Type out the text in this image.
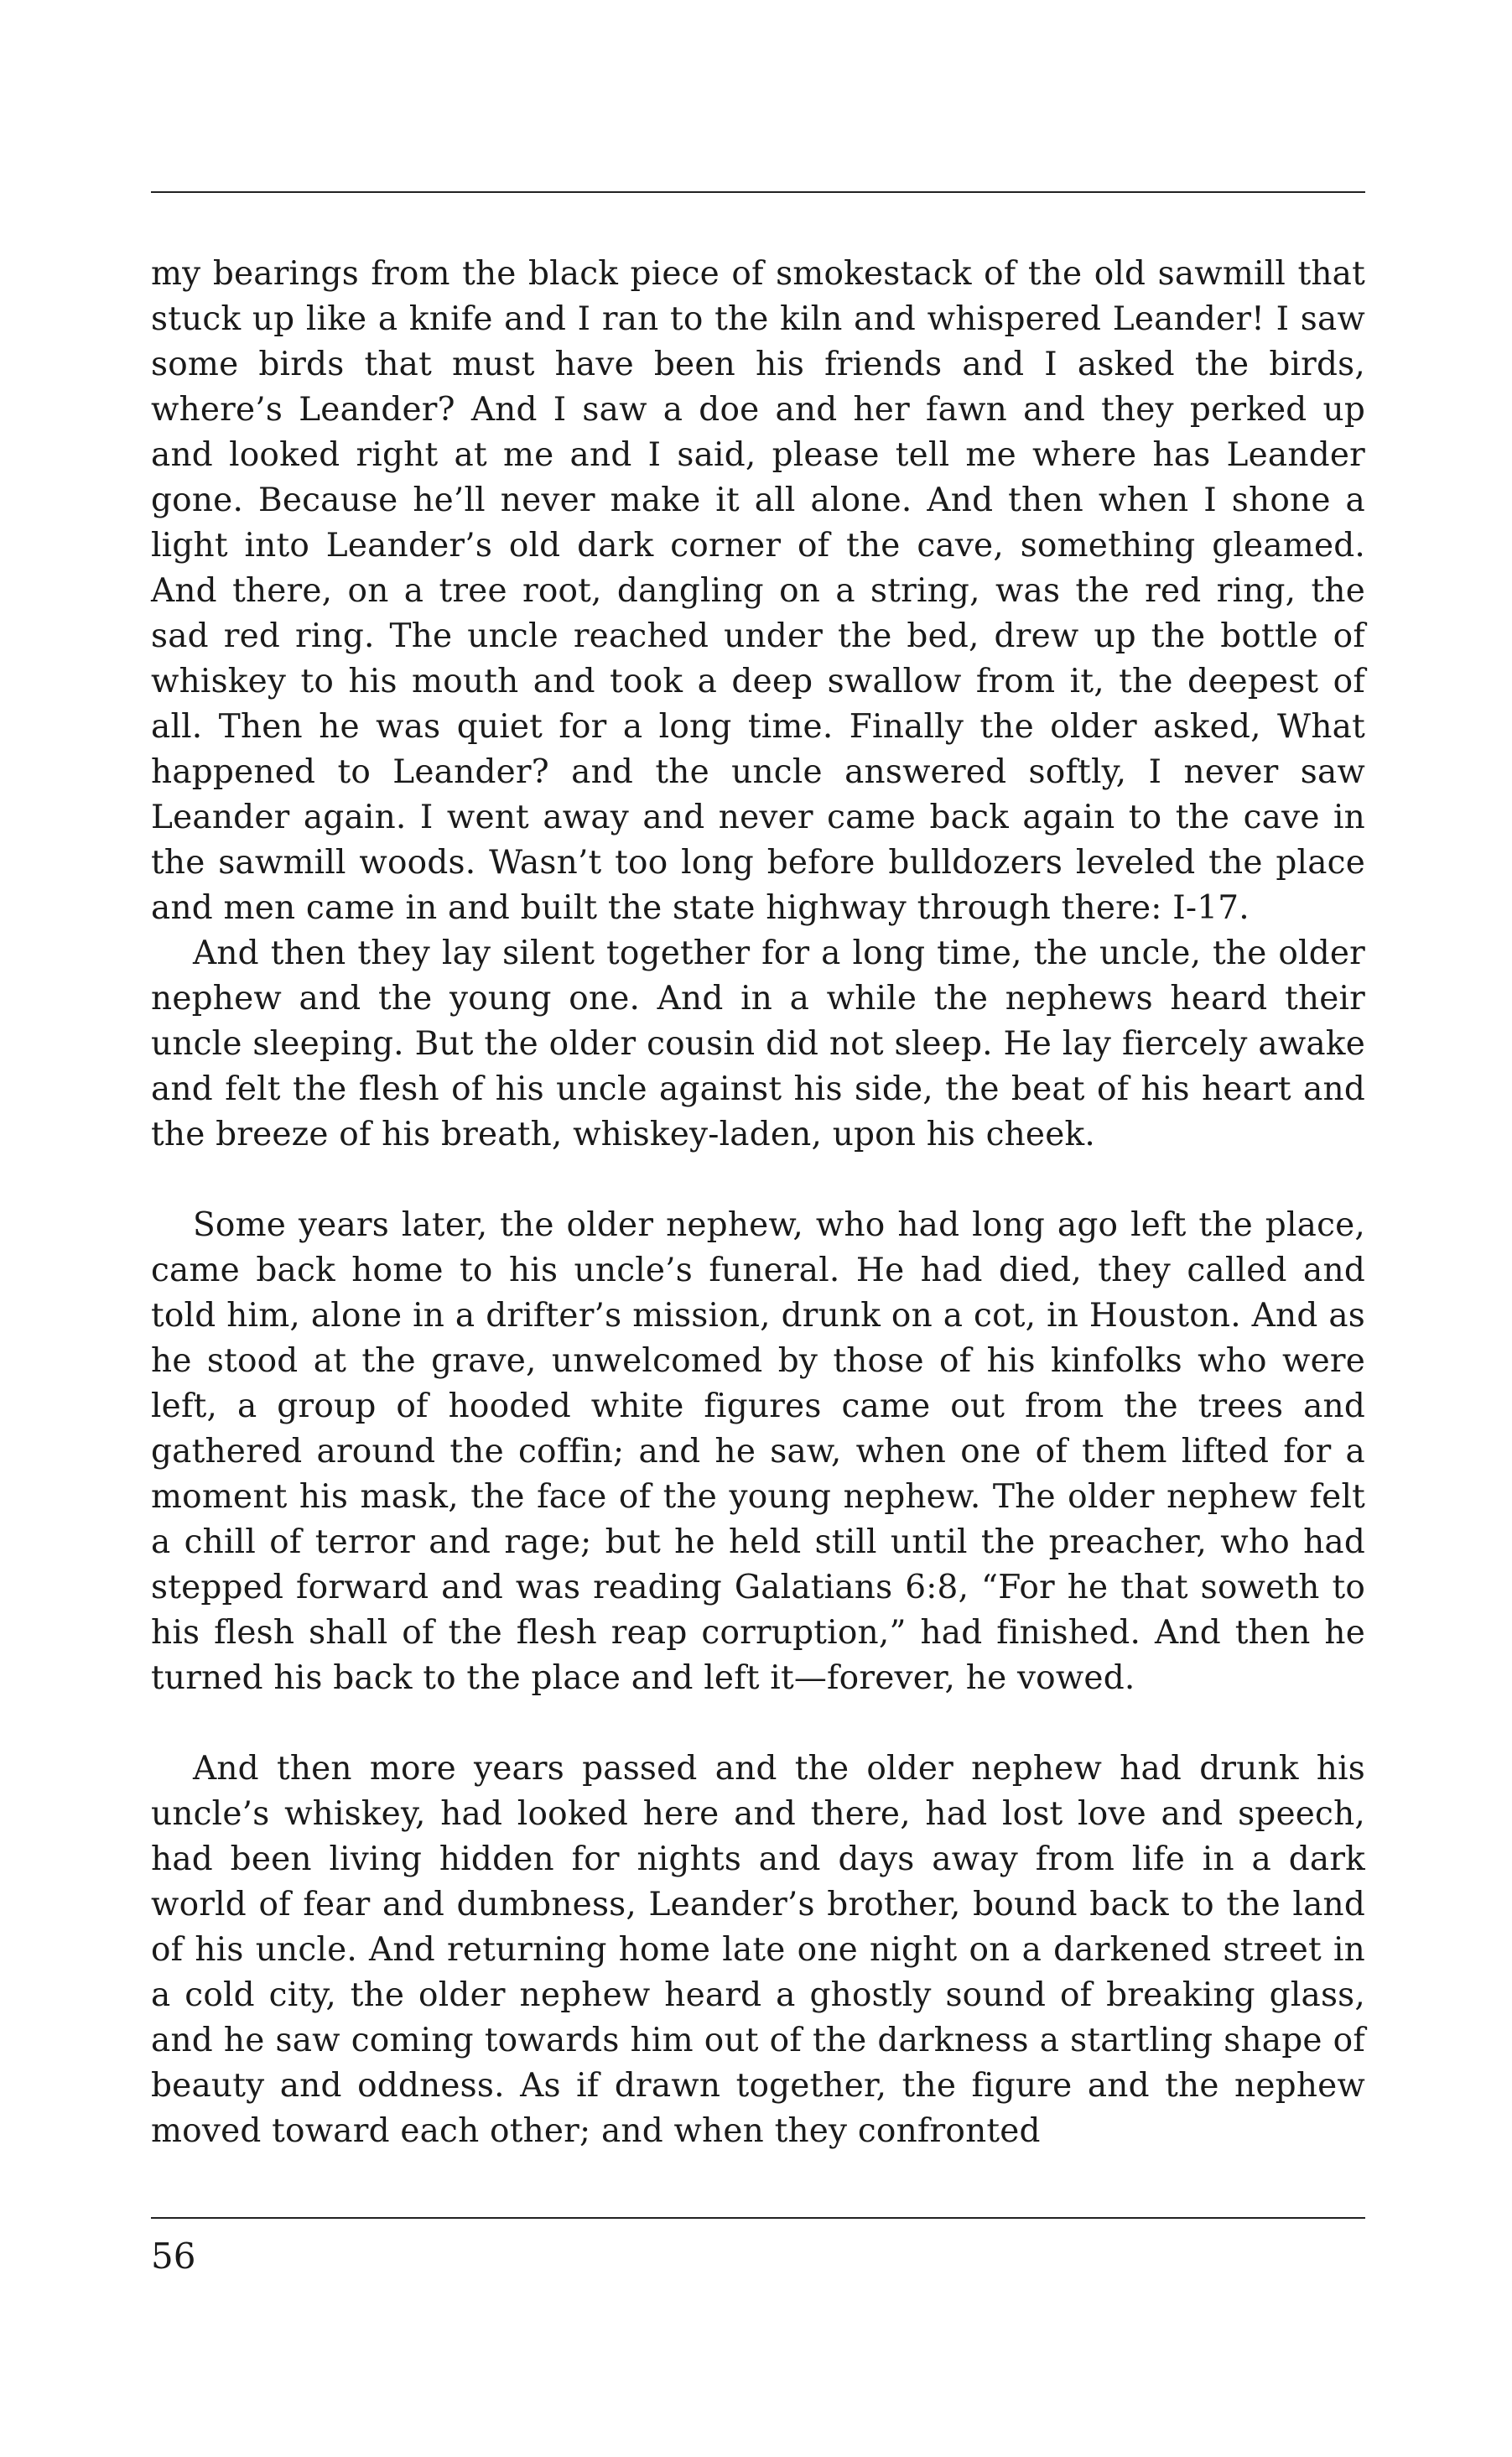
my bearings from the black piece of smokestack of the old sawmill that stuck up like a knife and I ran to the kiln and whispered Leander! I saw some birds that must have been his friends and I asked the birds, where’s Leander? And I saw a doe and her fawn and they perked up and looked right at me and I said, please tell me where has Leander gone. Because he’ll never make it all alone. And then when I shone a light into Leander’s old dark corner of the cave, something gleamed. And there, on a tree root, dangling on a string, was the red ring, the sad red ring. The uncle reached under the bed, drew up the bottle of whiskey to his mouth and took a deep swallow from it, the deepest of all. Then he was quiet for a long time. Finally the older asked, What happened to Leander? and the uncle answered softly, I never saw Leander again. I went away and never came back again to the cave in the sawmill woods. Wasn’t too long before bulldozers leveled the place and men came in and built the state highway through there: I-17.

And then they lay silent together for a long time, the uncle, the older nephew and the young one. And in a while the nephews heard their uncle sleeping. But the older cousin did not sleep. He lay fiercely awake and felt the flesh of his uncle against his side, the beat of his heart and the breeze of his breath, whiskey-laden, upon his cheek.

Some years later, the older nephew, who had long ago left the place, came back home to his uncle’s funeral. He had died, they called and told him, alone in a drifter’s mission, drunk on a cot, in Houston. And as he stood at the grave, unwelcomed by those of his kinfolks who were left, a group of hooded white figures came out from the trees and gathered around the coffin; and he saw, when one of them lifted for a moment his mask, the face of the young nephew. The older nephew felt a chill of terror and rage; but he held still until the preacher, who had stepped forward and was reading Galatians 6:8, “For he that soweth to his flesh shall of the flesh reap corruption,” had finished. And then he turned his back to the place and left it—forever, he vowed.

And then more years passed and the older nephew had drunk his uncle’s whiskey, had looked here and there, had lost love and speech, had been living hidden for nights and days away from life in a dark world of fear and dumbness, Leander’s brother, bound back to the land of his uncle. And returning home late one night on a darkened street in a cold city, the older nephew heard a ghostly sound of breaking glass, and he saw coming towards him out of the darkness a startling shape of beauty and oddness. As if drawn together, the figure and the nephew moved toward each other; and when they confronted

56
